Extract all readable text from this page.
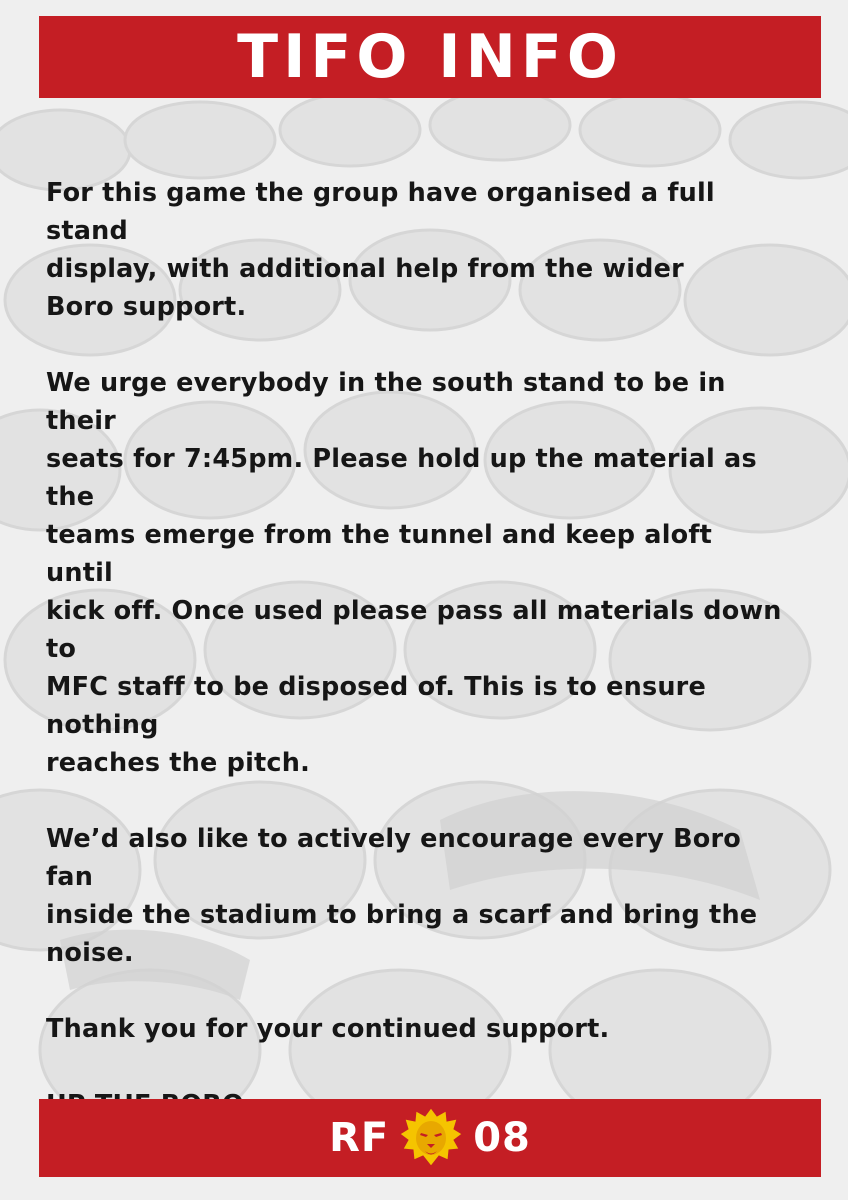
TIFO INFO

For this game the group have organised a full stand
display, with additional help from the wider
Boro support.

We urge everybody in the south stand to be in their
seats for 7:45pm. Please hold up the material as the
teams emerge from the tunnel and keep aloft until
kick off. Once used please pass all materials down to
MFC staff to be disposed of. This is to ensure nothing
reaches the pitch.

We’d also like to actively encourage every Boro fan
inside the stadium to bring a scarf and bring the
noise.

Thank you for your continued support.

RF 08
